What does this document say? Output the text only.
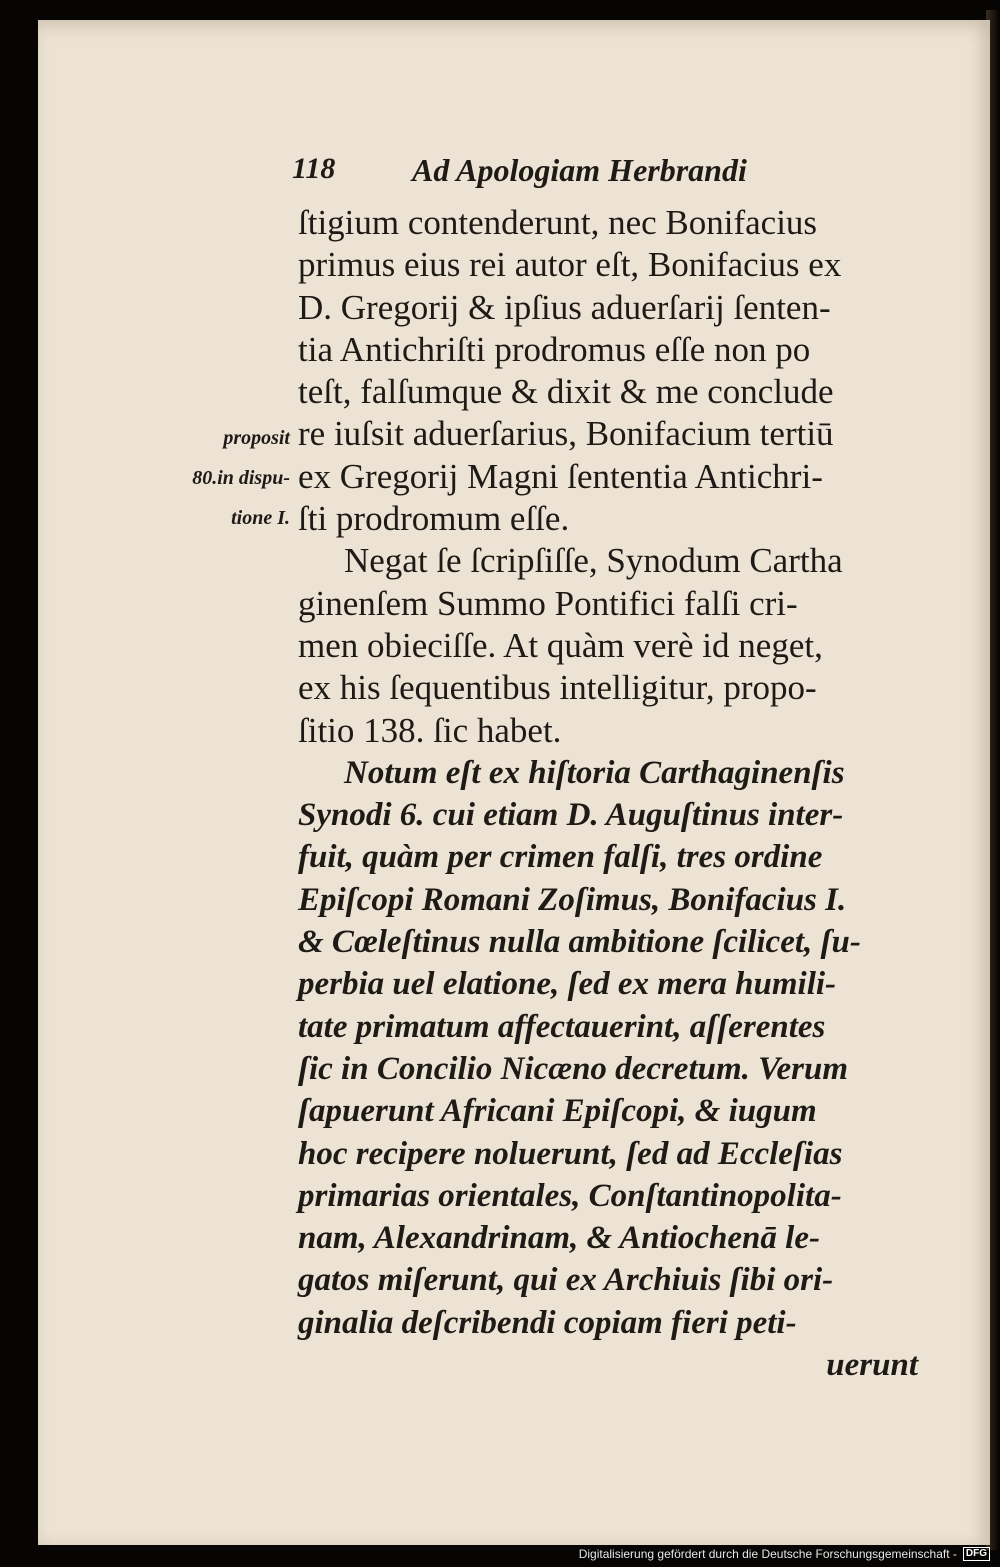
118 Ad Apologiam Herbrandi
proposit
80.in dispu-
tione I.
ſtigium contenderunt, nec Bonifacius
primus eius rei autor eſt, Bonifacius ex
D. Gregorij & ipſius aduerſarij ſenten-
tia Antichriſti prodromus eſſe non po
teſt, falſumque & dixit & me conclude
re iuſsit aduerſarius, Bonifacium tertiū
ex Gregorij Magni ſententia Antichri-
ſti prodromum eſſe.
Negat ſe ſcripſiſſe, Synodum Cartha
ginenſem Summo Pontifici falſi cri-
men obieciſſe. At quàm verè id neget,
ex his ſequentibus intelligitur, propo-
ſitio 138. ſic habet.
Notum eſt ex hiſtoria Carthaginenſis
Synodi 6. cui etiam D. Auguſtinus inter-
fuit, quàm per crimen falſi, tres ordine
Epiſcopi Romani Zoſimus, Bonifacius I.
& Cœleſtinus nulla ambitione ſcilicet, ſu-
perbia uel elatione, ſed ex mera humili-
tate primatum affectauerint, aſſerentes
ſic in Concilio Nicæno decretum. Verum
ſapuerunt Africani Epiſcopi, & iugum
hoc recipere noluerunt, ſed ad Eccleſias
primarias orientales, Conſtantinopolita-
nam, Alexandrinam, & Antiochenā le-
gatos miſerunt, qui ex Archiuis ſibi ori-
ginalia deſcribendi copiam fieri peti-
uerunt
Digitalisierung gefördert durch die Deutsche Forschungsgemeinschaft - DFG
